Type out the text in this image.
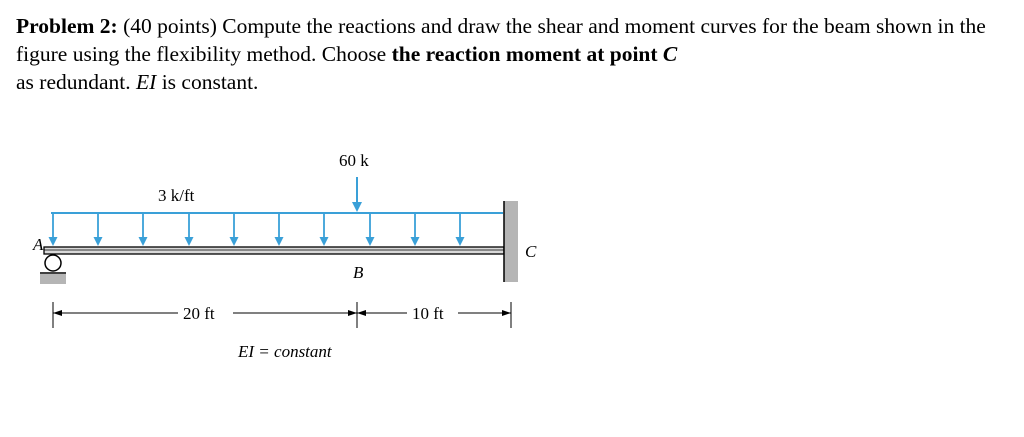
Problem 2: (40 points) Compute the reactions and draw the shear and moment curves for the beam shown in the figure using the flexibility method. Choose the reaction moment at point C
as redundant. EI is constant.
A
B
C
60 k
3 k/ft
20 ft	10 ft
EI = constant
